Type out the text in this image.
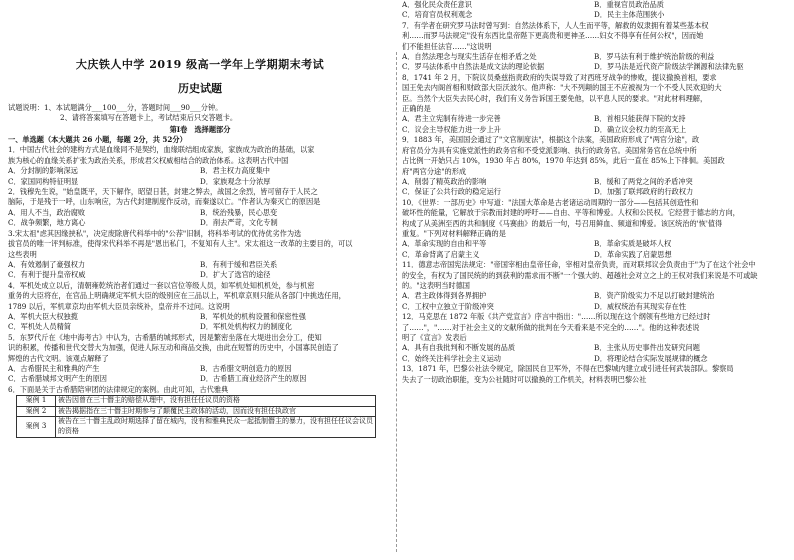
大庆铁人中学 2019 级高一学年上学期期末考试
历史试题
试题说明：1、本试题满分___100___分，答题时间___90___分钟。
2、请将答案填写在答题卡上，考试结束后只交答题卡。
第Ⅰ卷　选择题部分
一、单选题（本大题共 26 小题，每题 2分，共 52分）
1．中国古代社会的建构方式是血缘同不是契约，血缘联结组成家族，家族成为政治的基础，以家
族为核心的血缘关系扩张为政治关系，形成君父权威相结合的政治体系。这表明古代中国
A．分封制的影响深远	B．君主权力高度集中
C．家国同构特征明显	D．家族观念十分浓厚
2．钱穆先生说，"始皇既平，天下解作，昭望日甚，封建之弊去，战国之余烈，皆可留存于人民之
脑际，于是残于一呼，山东响应，为古代封建制度作反动，而秦遂以亡。"作者认为秦灭亡的原因是
A．用人不当，政治腐败	B．统治残暴，民心思变
C．战争频繁，地方离心	D．削去严苛，文化专制
3.宋太祖"虑其因缘挟私"，决定废除唐代科举中的"公荐"旧制，将科举考试的优待优劣作为选
拔官员的唯一评判标准，使得宋代科举不再是"恩出私门，不复知有人主"。宋太祖这一改革的主要目的，可以
这些表明
A．有效遏制了豪强权力	B．有利于缓和君臣关系
C．有利于提升皇帝权威	D．扩大了选官的途径
4．军机处成立以后，清朝雍乾统治者们通过一套以官位等级人员，如军机处知机机处，参与机密
重务的大臣将在，在官品上明确规定军机大臣的级别应在三品以上，军机章京则只能从各部门中挑选任用，
1789 以后，军机章京均由军机大臣员亲统补，皇帝并不过问。这说明
A．军机大臣大权独揽	B．军机处的机构设置和保密性强
C．军机处人员精简	D．军机处机构权力的制度化
5．东罗代斤在《地中海考古》中认为，古希腊的城邦形式，因是繁密坐落在大堤进出会分工，使知
识的积累，传播和世代交替大为加强，促进人际互动和商品交换，由此在短暂的历史中，小国寡民创造了
辉煌的古代文明。该观点解释了
A．古希腊民主和雅典的产生	B．古希腊文明创造力的原因
C．古希腊城邦文明产生的原因	D．古希腊工商业经济产生的原因
6．下面是关于古希腊陪审团的法律规定的案例。由此可知，古代雅典
案例 1	被告因曾在三十僭主的赔偿从理中，没有担任任议员的资格
案例 2	被告揭据指在三十僭主时期参与了颠覆民主政体的活动，因而没有担任执政官
案例 3	被告在三十僭主乱政时期选择了留在城内，没有和雅典民众一起抵制僭主的暴力，没有担任任议会议员的资格
A．强化民众责任意识	B．重视官员政治品质
C．培育官员权利观念	D．民主主体范围狭小
7．有学者在研究罗马法时曾写到：自然法体系下，人人生而平等，解救的奴隶拥有着某些基本权
利……而罗马法规定"没有东西比皇帝陛下更高贵和更神圣……妇女不得享有任何公权"，因而她
们不能担任法官……"这说明
A．自然法理念与现实生活存在相矛盾之处	B．罗马法有利于维护统治阶级的利益
C．罗马法体系中自然法是成文法的理论依据	D．罗马法是近代资产阶级法学渊源和法律先驱
8．1741 年 2 月，下院议员桑兹指责政府的失误导致了对西班牙战争的惨败，提议撤换首相，要求
国王免去内阁首相和财政部大臣沃波尔。他声称："大不列颠的国王不应被视为一个不受人民欢迎的大
臣。当然个大臣失去民心时，我们有义务告诉国王要免他，以平息人民的要求。"对此材料理解，
正确的是
A．君主立宪制有待进一步完善	B．首相只能获得下院的支持
C．议会主导权能力进一步上升	D．确立议会权力的至高无上
9．1883 年，美国国会通过了"文官制度法"，根据这个法案，美国政府形成了"两官分途"，政
府官员分为具有实施党派性的政务官和不受党派影响、执行的政务官。美国常务官在总统中所
占比例一开始只占 10%，1930 年占 80%，1970 年达到 85%，此后一直在 85%上下徘徊。美国政
府"两官分途"的形成
A．削弱了精英政治的影响	B．缓和了两党之间的矛盾冲突
C．保证了公共行政的稳定运行	D．加强了联邦政府的行政权力
10．《世界：一部历史》中写道："法国大革命是古老诸运动周期的一部分——包括其创造性和
破坏性的能量，它解放于宗教而封建的呼吁——自由、平等和博爱。人权和公民权。它经营于德志的方向，
构成了从美洲至西的共和制度《马赛曲》的最后一句，号召用鲜血、频道和博爱。该区统治的'恢'值得
重复。"下列对材料解释正确的是
A．革命实现的自由和平等	B．革命实质是破坏人权
C．革命背离了启蒙主义	D．革命实践了启蒙思想
11．德意志帝国宪法规定："帝国宰相由皇帝任命，宰相对皇帝负责，而对联邦议会负责由于"为了在这个社会中
的安全，有权为了国民统的的到获利的需求而不断"一个强大的、超越社会对立之上的王权对我们来说是不可或缺
的。"这表明当时德国
A．君主政体得到各界拥护	B．资产阶级实力不足以打破封建统治
C．工权中立独立于阶级冲突	D．威权统治有其现实存在性
12．马克思在 1872 年版《共产党宣言》序言中指出："……所以现在这个纲领有些地方已经过时
了……"，"……对于社会主义的文献所做的批判在今天看来是不完全的……"。他的这种表述说
明了《宣言》发表后
A．具有自我批判和不断发展的品质	B．主张从历史事件出发研究问题
C．始终关注科学社会主义运动	D．将理论结合实际发展规律的概念
13．1871 年，巴黎公社法令规定，除国民自卫军外，不得在巴黎城内建立或引进任何武装部队。黎察局
失去了一切政治职能，变为公社随时可以撤换的工作机关，材料表明巴黎公社
